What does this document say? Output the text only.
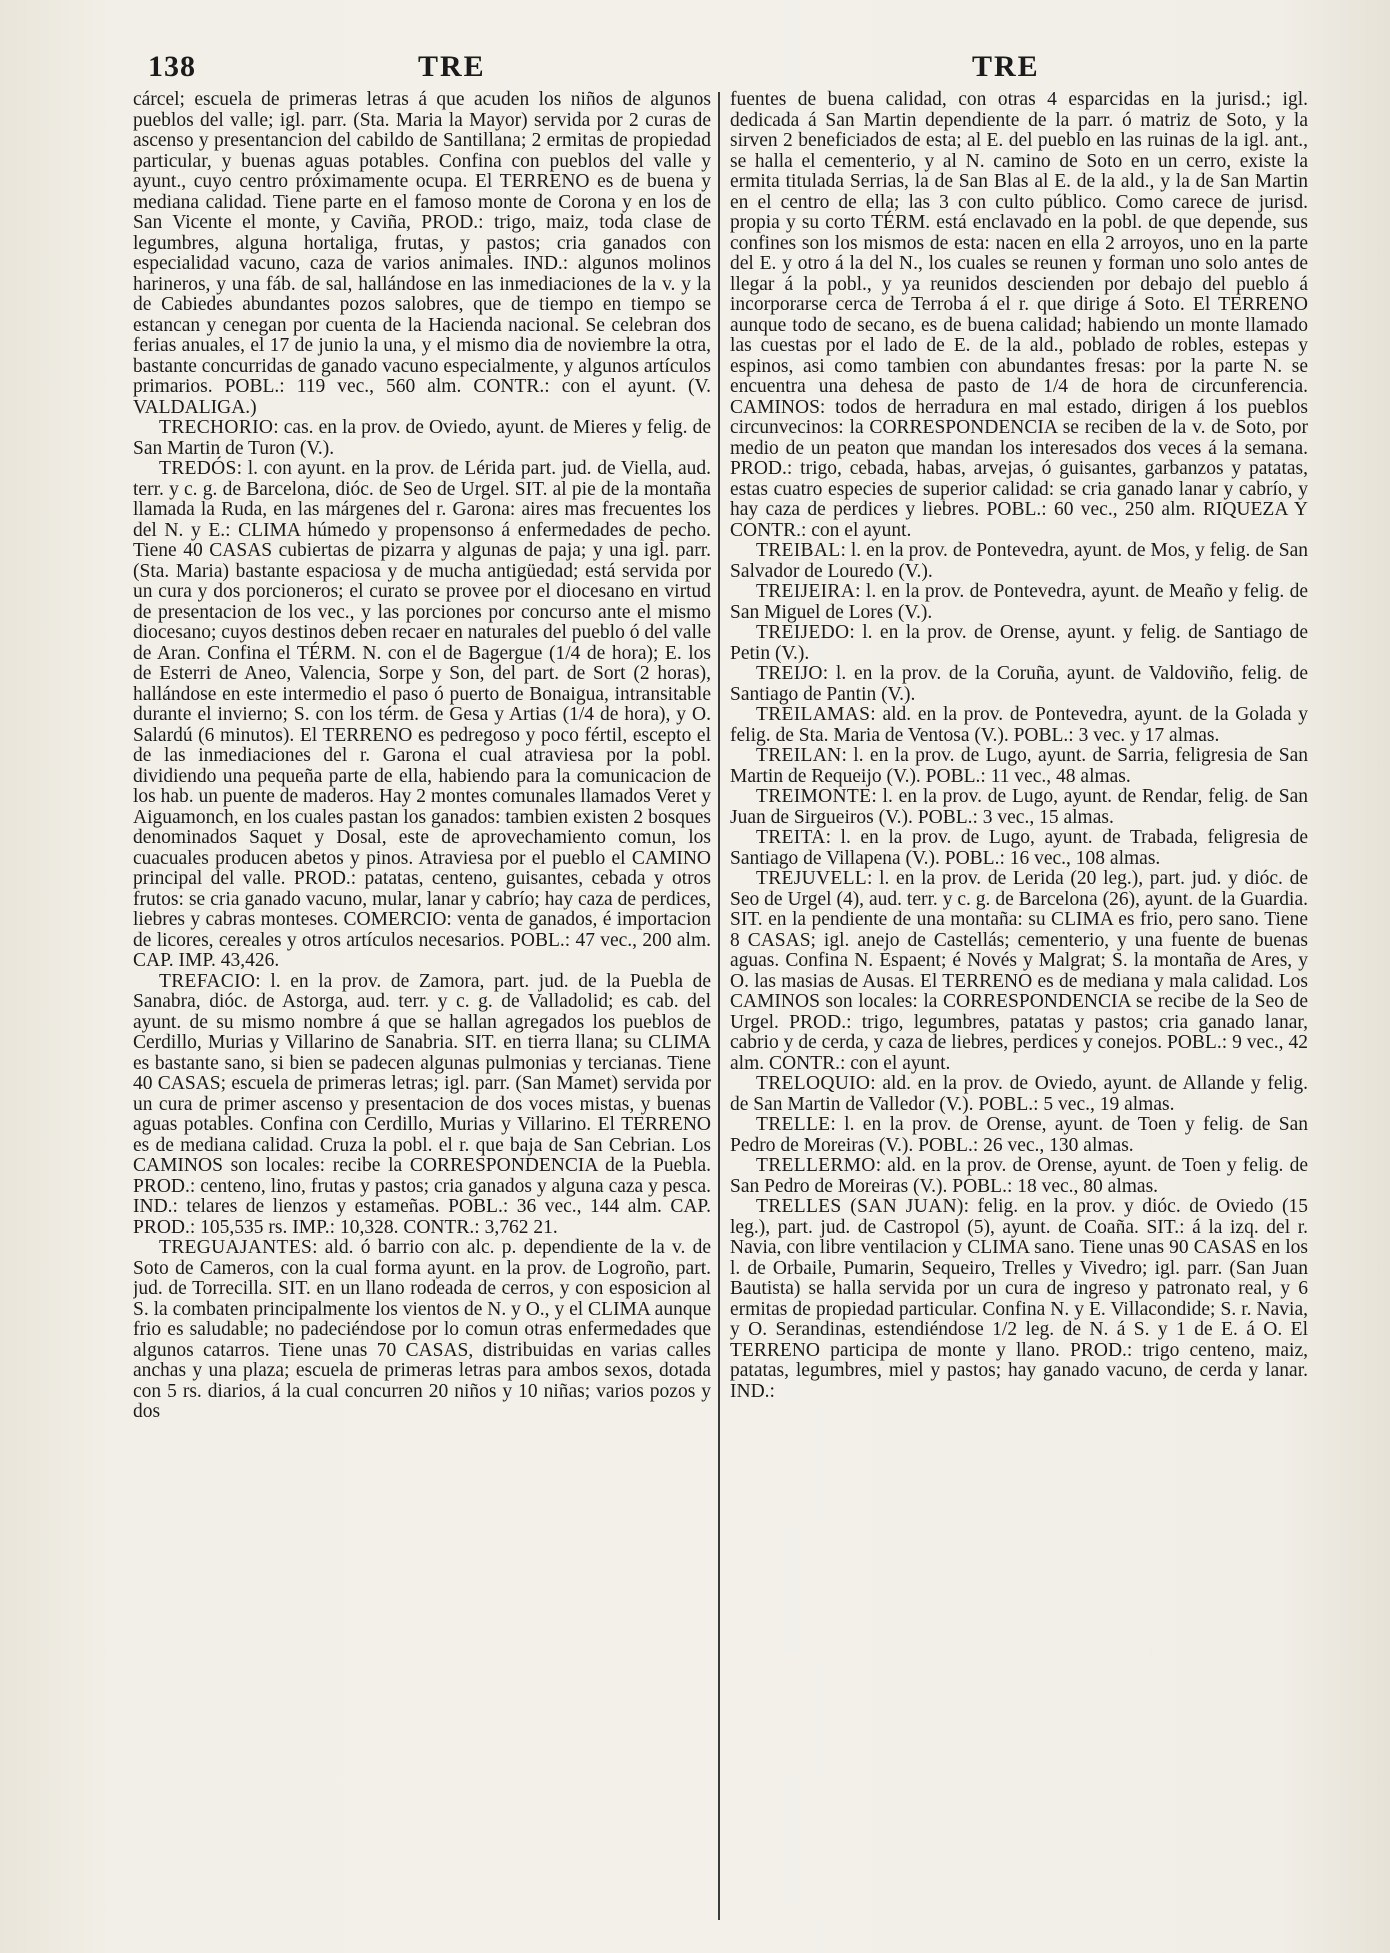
138	TRE	TRE

cárcel; escuela de primeras letras á que acuden los niños de algunos pueblos del valle; igl. parr. (Sta. Maria la Mayor) servida por 2 curas de ascenso y presentancion del cabildo de Santillana; 2 ermitas de propiedad particular, y buenas aguas potables. Confina con pueblos del valle y ayunt., cuyo centro próximamente ocupa. El TERRENO es de buena y mediana calidad. Tiene parte en el famoso monte de Corona y en los de San Vicente el monte, y Caviña, PROD.: trigo, maiz, toda clase de legumbres, alguna hortaliga, frutas, y pastos; cria ganados con especialidad vacuno, caza de varios animales. IND.: algunos molinos harineros, y una fáb. de sal, hallándose en las inmediaciones de la v. y la de Cabiedes abundantes pozos salobres, que de tiempo en tiempo se estancan y cenegan por cuenta de la Hacienda nacional. Se celebran dos ferias anuales, el 17 de junio la una, y el mismo dia de noviembre la otra, bastante concurridas de ganado vacuno especialmente, y algunos artículos primarios. POBL.: 119 vec., 560 alm. CONTR.: con el ayunt. (V. VALDALIGA.)

TRECHORIO: cas. en la prov. de Oviedo, ayunt. de Mieres y felig. de San Martin de Turon (V.).

TREDÓS: l. con ayunt. en la prov. de Lérida part. jud. de Viella, aud. terr. y c. g. de Barcelona, dióc. de Seo de Urgel. SIT. al pie de la montaña llamada la Ruda, en las márgenes del r. Garona: aires mas frecuentes los del N. y E.: CLIMA húmedo y propensonso á enfermedades de pecho. Tiene 40 CASAS cubiertas de pizarra y algunas de paja; y una igl. parr. (Sta. Maria) bastante espaciosa y de mucha antigüedad; está servida por un cura y dos porcioneros; el curato se provee por el diocesano en virtud de presentacion de los vec., y las porciones por concurso ante el mismo diocesano; cuyos destinos deben recaer en naturales del pueblo ó del valle de Aran. Confina el TÉRM. N. con el de Bagergue (1/4 de hora); E. los de Esterri de Aneo, Valencia, Sorpe y Son, del part. de Sort (2 horas), hallándose en este intermedio el paso ó puerto de Bonaigua, intransitable durante el invierno; S. con los térm. de Gesa y Artias (1/4 de hora), y O. Salardú (6 minutos). El TERRENO es pedregoso y poco fértil, escepto el de las inmediaciones del r. Garona el cual atraviesa por la pobl. dividiendo una pequeña parte de ella, habiendo para la comunicacion de los hab. un puente de maderos. Hay 2 montes comunales llamados Veret y Aiguamonch, en los cuales pastan los ganados: tambien existen 2 bosques denominados Saquet y Dosal, este de aprovechamiento comun, los cuacuales producen abetos y pinos. Atraviesa por el pueblo el CAMINO principal del valle. PROD.: patatas, centeno, guisantes, cebada y otros frutos: se cria ganado vacuno, mular, lanar y cabrío; hay caza de perdices, liebres y cabras monteses. COMERCIO: venta de ganados, é importacion de licores, cereales y otros artículos necesarios. POBL.: 47 vec., 200 alm. CAP. IMP. 43,426.

TREFACIO: l. en la prov. de Zamora, part. jud. de la Puebla de Sanabra, dióc. de Astorga, aud. terr. y c. g. de Valladolid; es cab. del ayunt. de su mismo nombre á que se hallan agregados los pueblos de Cerdillo, Murias y Villarino de Sanabria. SIT. en tierra llana; su CLIMA es bastante sano, si bien se padecen algunas pulmonias y tercianas. Tiene 40 CASAS; escuela de primeras letras; igl. parr. (San Mamet) servida por un cura de primer ascenso y presentacion de dos voces mistas, y buenas aguas potables. Confina con Cerdillo, Murias y Villarino. El TERRENO es de mediana calidad. Cruza la pobl. el r. que baja de San Cebrian. Los CAMINOS son locales: recibe la CORRESPONDENCIA de la Puebla. PROD.: centeno, lino, frutas y pastos; cria ganados y alguna caza y pesca. IND.: telares de lienzos y estameñas. POBL.: 36 vec., 144 alm. CAP. PROD.: 105,535 rs. IMP.: 10,328. CONTR.: 3,762 21.

TREGUAJANTES: ald. ó barrio con alc. p. dependiente de la v. de Soto de Cameros, con la cual forma ayunt. en la prov. de Logroño, part. jud. de Torrecilla. SIT. en un llano rodeada de cerros, y con esposicion al S. la combaten principalmente los vientos de N. y O., y el CLIMA aunque frio es saludable; no padeciéndose por lo comun otras enfermedades que algunos catarros. Tiene unas 70 CASAS, distribuidas en varias calles anchas y una plaza; escuela de primeras letras para ambos sexos, dotada con 5 rs. diarios, á la cual concurren 20 niños y 10 niñas; varios pozos y dos

fuentes de buena calidad, con otras 4 esparcidas en la jurisd.; igl. dedicada á San Martin dependiente de la parr. ó matriz de Soto, y la sirven 2 beneficiados de esta; al E. del pueblo en las ruinas de la igl. ant., se halla el cementerio, y al N. camino de Soto en un cerro, existe la ermita titulada Serrias, la de San Blas al E. de la ald., y la de San Martin en el centro de ella; las 3 con culto público. Como carece de jurisd. propia y su corto TÉRM. está enclavado en la pobl. de que depende, sus confines son los mismos de esta: nacen en ella 2 arroyos, uno en la parte del E. y otro á la del N., los cuales se reunen y forman uno solo antes de llegar á la pobl., y ya reunidos descienden por debajo del pueblo á incorporarse cerca de Terroba á el r. que dirige á Soto. El TERRENO aunque todo de secano, es de buena calidad; habiendo un monte llamado las cuestas por el lado de E. de la ald., poblado de robles, estepas y espinos, asi como tambien con abundantes fresas: por la parte N. se encuentra una dehesa de pasto de 1/4 de hora de circunferencia. CAMINOS: todos de herradura en mal estado, dirigen á los pueblos circunvecinos: la CORRESPONDENCIA se reciben de la v. de Soto, por medio de un peaton que mandan los interesados dos veces á la semana. PROD.: trigo, cebada, habas, arvejas, ó guisantes, garbanzos y patatas, estas cuatro especies de superior calidad: se cria ganado lanar y cabrío, y hay caza de perdices y liebres. POBL.: 60 vec., 250 alm. RIQUEZA Y CONTR.: con el ayunt.

TREIBAL: l. en la prov. de Pontevedra, ayunt. de Mos, y felig. de San Salvador de Louredo (V.).

TREIJEIRA: l. en la prov. de Pontevedra, ayunt. de Meaño y felig. de San Miguel de Lores (V.).

TREIJEDO: l. en la prov. de Orense, ayunt. y felig. de Santiago de Petin (V.).

TREIJO: l. en la prov. de la Coruña, ayunt. de Valdoviño, felig. de Santiago de Pantin (V.).

TREILAMAS: ald. en la prov. de Pontevedra, ayunt. de la Golada y felig. de Sta. Maria de Ventosa (V.). POBL.: 3 vec. y 17 almas.

TREILAN: l. en la prov. de Lugo, ayunt. de Sarria, feligresia de San Martin de Requeijo (V.). POBL.: 11 vec., 48 almas.

TREIMONTE: l. en la prov. de Lugo, ayunt. de Rendar, felig. de San Juan de Sirgueiros (V.). POBL.: 3 vec., 15 almas.

TREITA: l. en la prov. de Lugo, ayunt. de Trabada, feligresia de Santiago de Villapena (V.). POBL.: 16 vec., 108 almas.

TREJUVELL: l. en la prov. de Lerida (20 leg.), part. jud. y dióc. de Seo de Urgel (4), aud. terr. y c. g. de Barcelona (26), ayunt. de la Guardia. SIT. en la pendiente de una montaña: su CLIMA es frio, pero sano. Tiene 8 CASAS; igl. anejo de Castellás; cementerio, y una fuente de buenas aguas. Confina N. Espaent; é Novés y Malgrat; S. la montaña de Ares, y O. las masias de Ausas. El TERRENO es de mediana y mala calidad. Los CAMINOS son locales: la CORRESPONDENCIA se recibe de la Seo de Urgel. PROD.: trigo, legumbres, patatas y pastos; cria ganado lanar, cabrio y de cerda, y caza de liebres, perdices y conejos. POBL.: 9 vec., 42 alm. CONTR.: con el ayunt.

TRELOQUIO: ald. en la prov. de Oviedo, ayunt. de Allande y felig. de San Martin de Valledor (V.). POBL.: 5 vec., 19 almas.

TRELLE: l. en la prov. de Orense, ayunt. de Toen y felig. de San Pedro de Moreiras (V.). POBL.: 26 vec., 130 almas.

TRELLERMO: ald. en la prov. de Orense, ayunt. de Toen y felig. de San Pedro de Moreiras (V.). POBL.: 18 vec., 80 almas.

TRELLES (SAN JUAN): felig. en la prov. y dióc. de Oviedo (15 leg.), part. jud. de Castropol (5), ayunt. de Coaña. SIT.: á la izq. del r. Navia, con libre ventilacion y CLIMA sano. Tiene unas 90 CASAS en los l. de Orbaile, Pumarin, Sequeiro, Trelles y Vivedro; igl. parr. (San Juan Bautista) se halla servida por un cura de ingreso y patronato real, y 6 ermitas de propiedad particular. Confina N. y E. Villacondide; S. r. Navia, y O. Serandinas, estendiéndose 1/2 leg. de N. á S. y 1 de E. á O. El TERRENO participa de monte y llano. PROD.: trigo centeno, maiz, patatas, legumbres, miel y pastos; hay ganado vacuno, de cerda y lanar. IND.:
